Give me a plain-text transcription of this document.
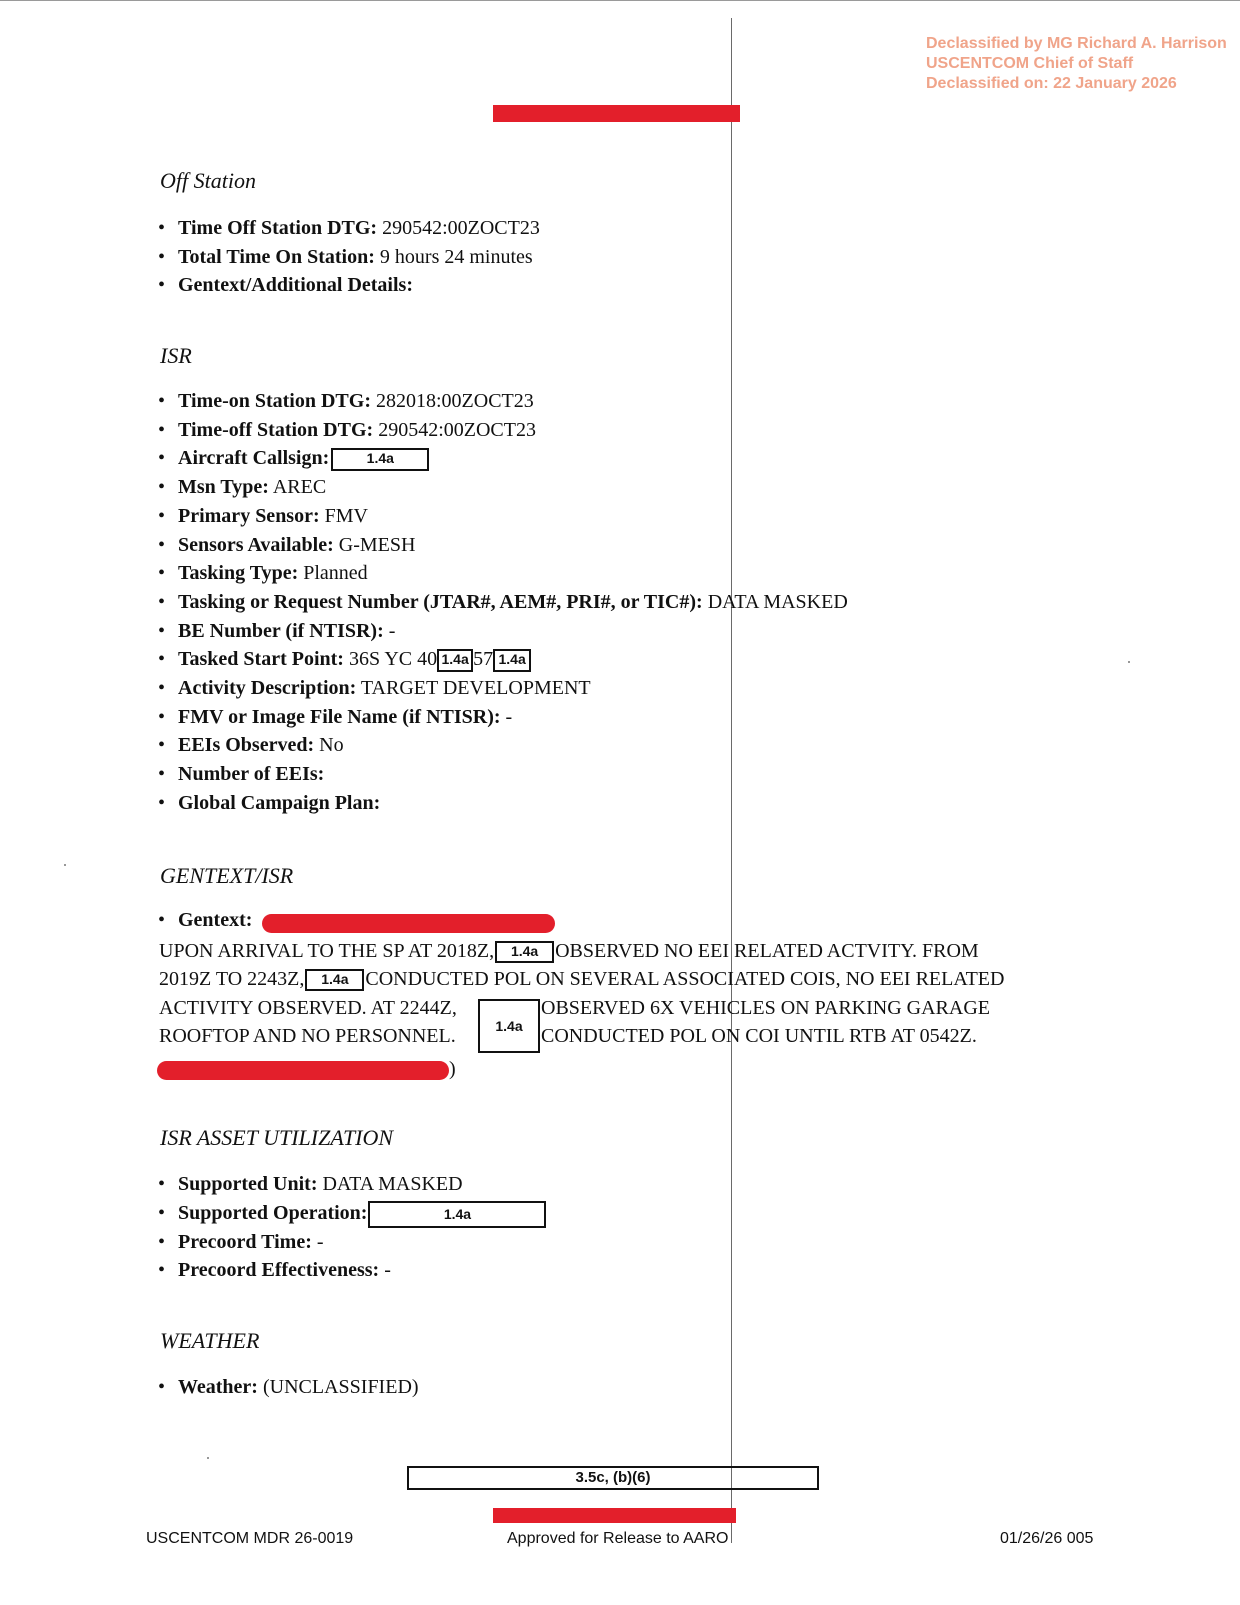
Declassified by MG Richard A. Harrison
USCENTCOM Chief of Staff
Declassified on: 22 January 2026
Off Station
• Time Off Station DTG: 290542:00ZOCT23
• Total Time On Station: 9 hours 24 minutes
• Gentext/Additional Details:
ISR
• Time-on Station DTG: 282018:00ZOCT23
• Time-off Station DTG: 290542:00ZOCT23
• Aircraft Callsign:	1.4a
• Msn Type: AREC
• Primary Sensor: FMV
• Sensors Available: G-MESH
• Tasking Type: Planned
• Tasking or Request Number (JTAR#, AEM#, PRI#, or TIC#): DATA MASKED
• BE Number (if NTISR): -
• Tasked Start Point: 36S YC 40 1.4a 57 1.4a
• Activity Description: TARGET DEVELOPMENT
• FMV or Image File Name (if NTISR): -
• EEIs Observed: No
• Number of EEIs:
• Global Campaign Plan:
GENTEXT/ISR
• Gentext:
UPON ARRIVAL TO THE SP AT 2018Z, 1.4a OBSERVED NO EEI RELATED ACTVITY. FROM
2019Z TO 2243Z, 1.4a CONDUCTED POL ON SEVERAL ASSOCIATED COIS, NO EEI RELATED
ACTIVITY OBSERVED. AT 2244Z,	OBSERVED 6X VEHICLES ON PARKING GARAGE
ROOFTOP AND NO PERSONNEL.	CONDUCTED POL ON COI UNTIL RTB AT 0542Z.
1.4a
)
ISR ASSET UTILIZATION
• Supported Unit: DATA MASKED
• Supported Operation:	1.4a
• Precoord Time: -
• Precoord Effectiveness: -
WEATHER
• Weather: (UNCLASSIFIED)
3.5c, (b)(6)
USCENTCOM MDR 26-0019	Approved for Release to AARO	01/26/26 005
